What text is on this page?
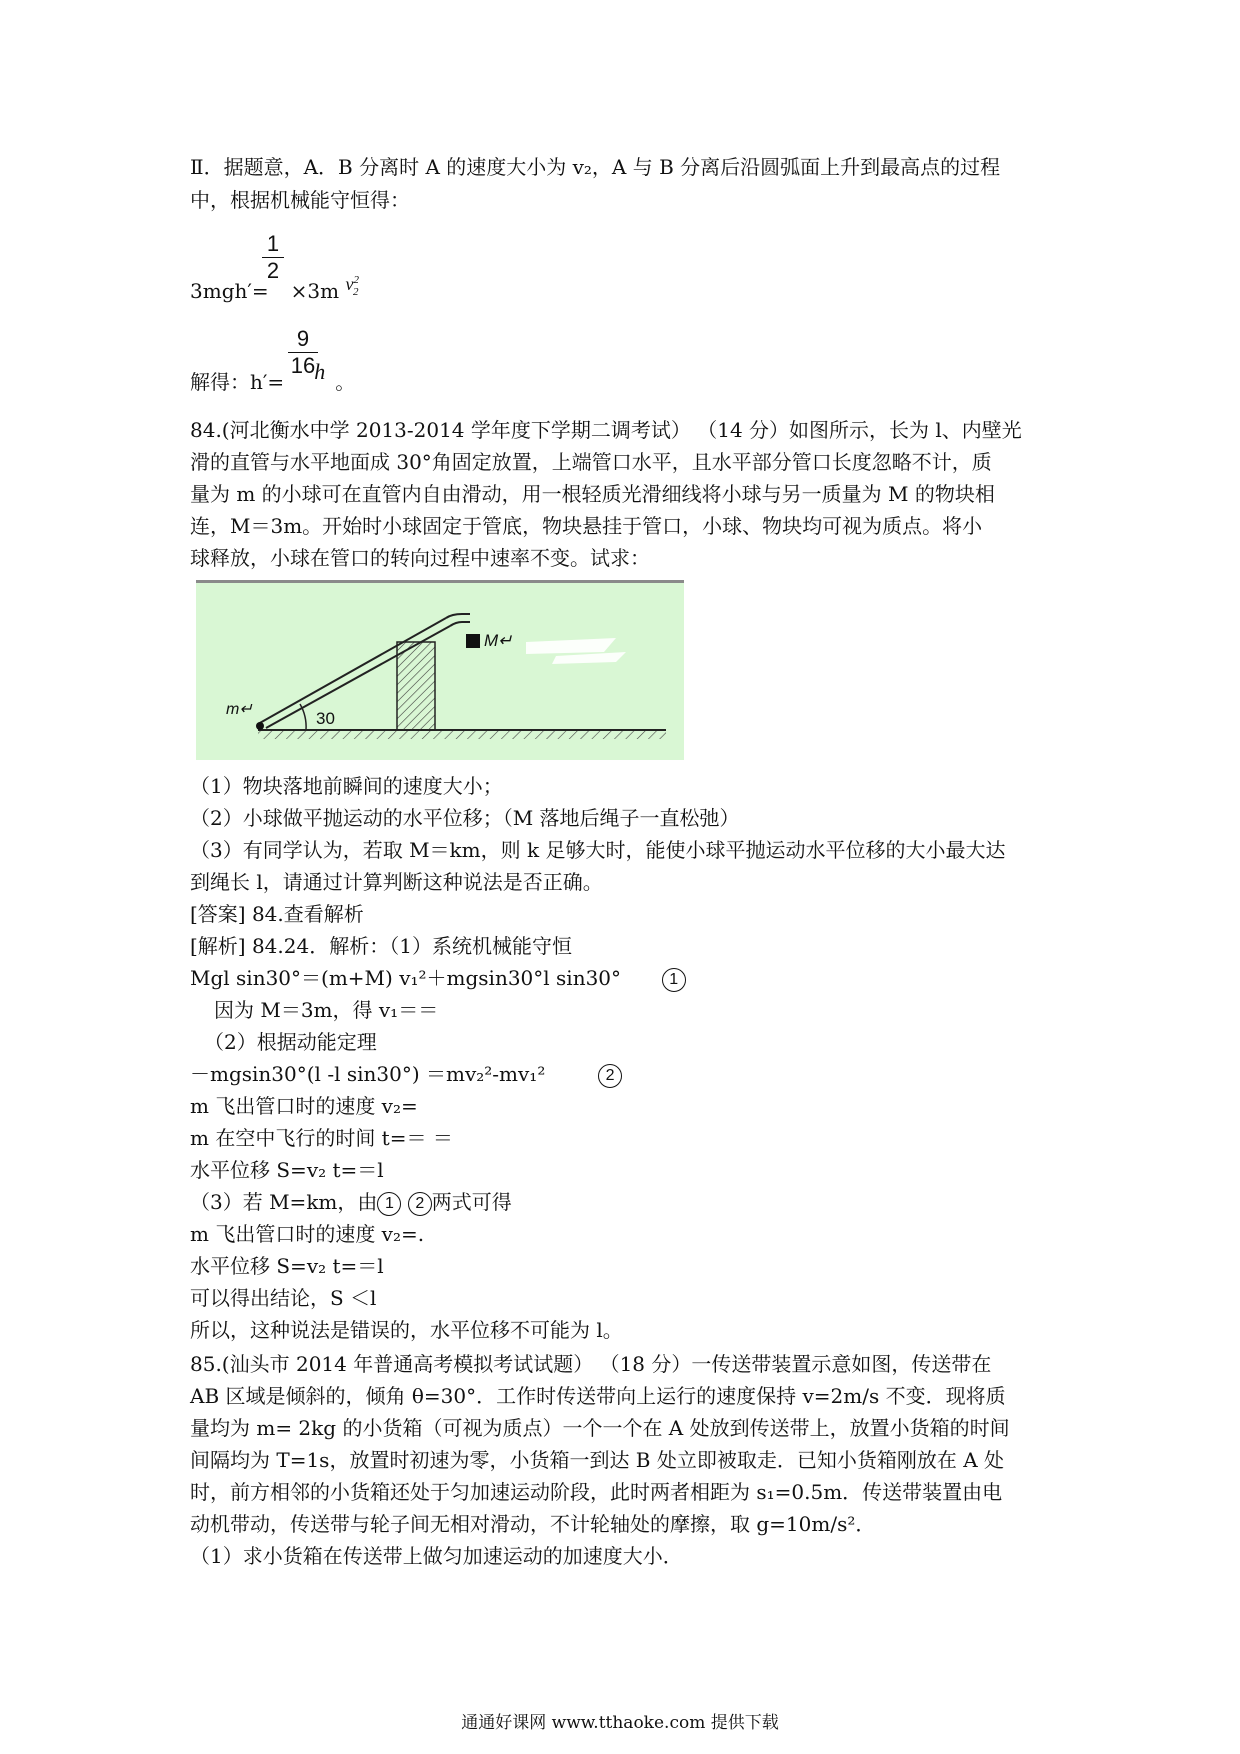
Ⅱ．据题意，A．B 分离时 A 的速度大小为 v₂，A 与 B 分离后沿圆弧面上升到最高点的过程
中，根据机械能守恒得：
3mgh′= ×3m $v^2_2$
1
2
解得：h′= h 。
9
16
84.(河北衡水中学 2013-2014 学年度下学期二调考试） （14 分）如图所示，长为 l、内壁光
滑的直管与水平地面成 30°角固定放置，上端管口水平，且水平部分管口长度忽略不计，质
量为 m 的小球可在直管内自由滑动，用一根轻质光滑细线将小球与另一质量为 M 的物块相
连，M＝3m。开始时小球固定于管底，物块悬挂于管口，小球、物块均可视为质点。将小
球释放，小球在管口的转向过程中速率不变。试求：
M↵
m↵	30
（1）物块落地前瞬间的速度大小；
（2）小球做平抛运动的水平位移；（M 落地后绳子一直松弛）
（3）有同学认为，若取 M＝km，则 k 足够大时，能使小球平抛运动水平位移的大小最大达
到绳长 l，请通过计算判断这种说法是否正确。
[答案] 84.查看解析
[解析] 84.24．解析：（1）系统机械能守恒
Mgl sin30°＝(m+M) v₁²＋mgsin30°l sin30°	1
因为 M＝3m，得 v₁＝＝
（2）根据动能定理
－mgsin30°(l -l sin30°) ＝mv₂²-mv₁²	2
m 飞出管口时的速度 v₂=
m 在空中飞行的时间 t=＝ ＝
水平位移 S=v₂ t=＝l
（3）若 M=km，由 1 2 两式可得
m 飞出管口时的速度 v₂=.
水平位移 S=v₂ t=＝l
可以得出结论，S ＜l
所以，这种说法是错误的，水平位移不可能为 l。
85.(汕头市 2014 年普通高考模拟考试试题） （18 分）一传送带装置示意如图，传送带在
AB 区域是倾斜的，倾角 θ=30°．工作时传送带向上运行的速度保持 v=2m/s 不变．现将质
量均为 m= 2kg 的小货箱（可视为质点）一个一个在 A 处放到传送带上，放置小货箱的时间
间隔均为 T=1s，放置时初速为零，小货箱一到达 B 处立即被取走．已知小货箱刚放在 A 处
时，前方相邻的小货箱还处于匀加速运动阶段，此时两者相距为 s₁=0.5m．传送带装置由电
动机带动，传送带与轮子间无相对滑动，不计轮轴处的摩擦，取 g=10m/s²．
（1）求小货箱在传送带上做匀加速运动的加速度大小．
通通好课网 www.tthaoke.com 提供下载
